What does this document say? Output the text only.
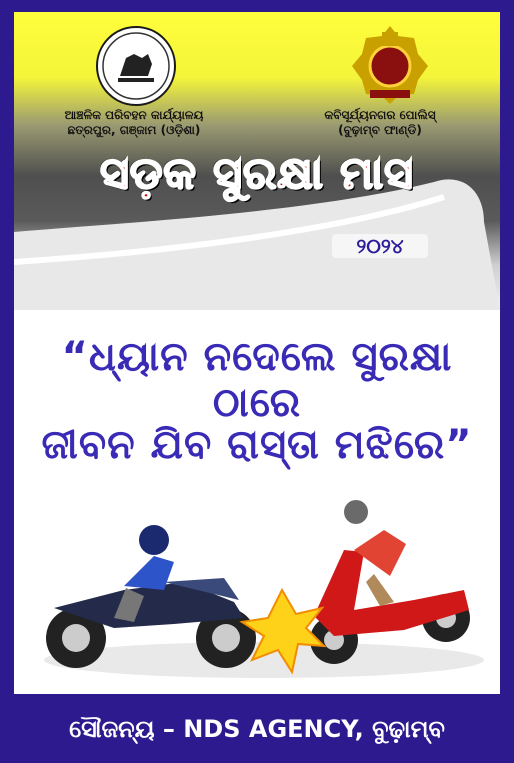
ଆଞ୍ଚଳିକ ପରିବହନ କାର୍ଯ୍ୟାଳୟ
ଛତ୍ରପୁର, ଗଞ୍ଜାମ (ଓଡ଼ିଶା)
କବିସୂର୍ଯ୍ୟନଗର ପୋଲିସ୍
(ବୁଢ଼ାମ୍ବ ଫାଣ୍ଡି)
ସଡ଼କ ସୁରକ୍ଷା ମାସ
୨୦୨୪
“ଧ୍ୟାନ ନଦେଲେ ସୁରକ୍ଷା ଠାରେ
ଜୀବନ ଯିବ ରାସ୍ତା ମଝିରେ”
ସୌଜନ୍ୟ – NDS AGENCY, ବୁଢ଼ାମ୍ବ
